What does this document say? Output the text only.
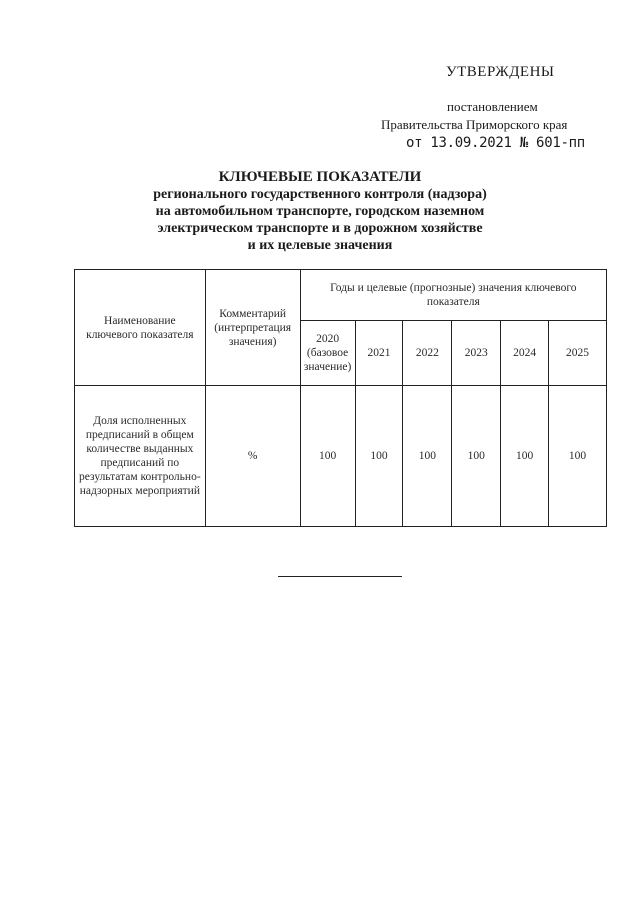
УТВЕРЖДЕНЫ
постановлением
Правительства Приморского края
от 13.09.2021 № 601-пп
КЛЮЧЕВЫЕ ПОКАЗАТЕЛИ
регионального государственного контроля (надзора)
на автомобильном транспорте, городском наземном
электрическом транспорте и в дорожном хозяйстве
и их целевые значения
Наименование ключевого показателя	Комментарий (интерпретация значения)	Годы и целевые (прогнозные) значения ключевого показателя					
		2020 (базовое значение)	2021	2022	2023	2024	2025
Доля исполненных предписаний в общем количестве выданных предписаний по результатам контрольно-надзорных мероприятий	%	100	100	100	100	100	100
